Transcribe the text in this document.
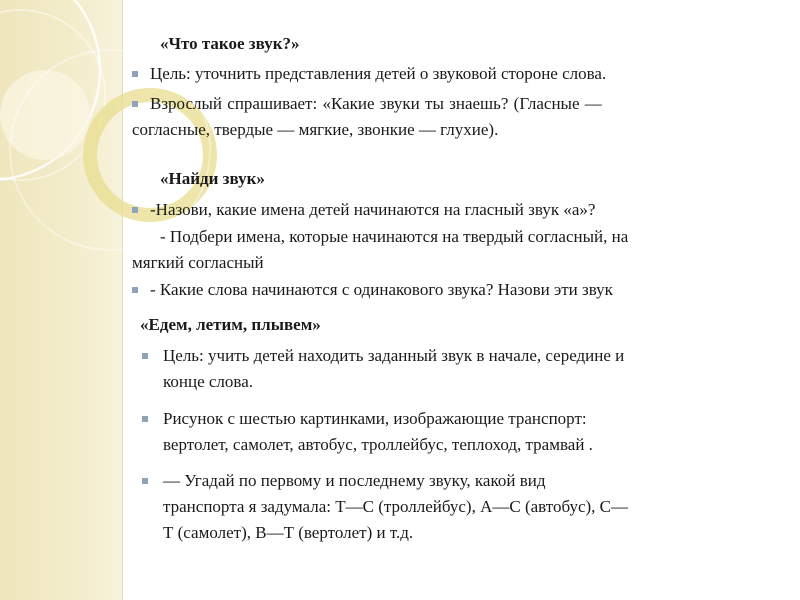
«Что такое звук?»
Цель: уточнить представления детей о звуковой стороне слова.
Взрослый спрашивает: «Какие звуки ты знаешь? (Гласные —
согласные, твердые — мягкие, звонкие — глухие).
«Найди звук»
-Назови, какие имена детей начинаются на гласный звук «а»?
- Подбери имена, которые начинаются на твердый согласный, на
мягкий согласный
- Какие слова начинаются с одинакового звука? Назови эти звук
«Едем, летим, плывем»
Цель: учить детей находить заданный звук в начале, середине и
конце слова.
Рисунок с шестью картинками, изображающие транспорт:
вертолет, самолет, автобус, троллейбус, теплоход, трамвай .
— Угадай по первому и последнему звуку, какой вид
транспорта я задумала: Т—С (троллейбус), А—С (автобус), С—
Т (самолет), В—Т (вертолет) и т.д.
